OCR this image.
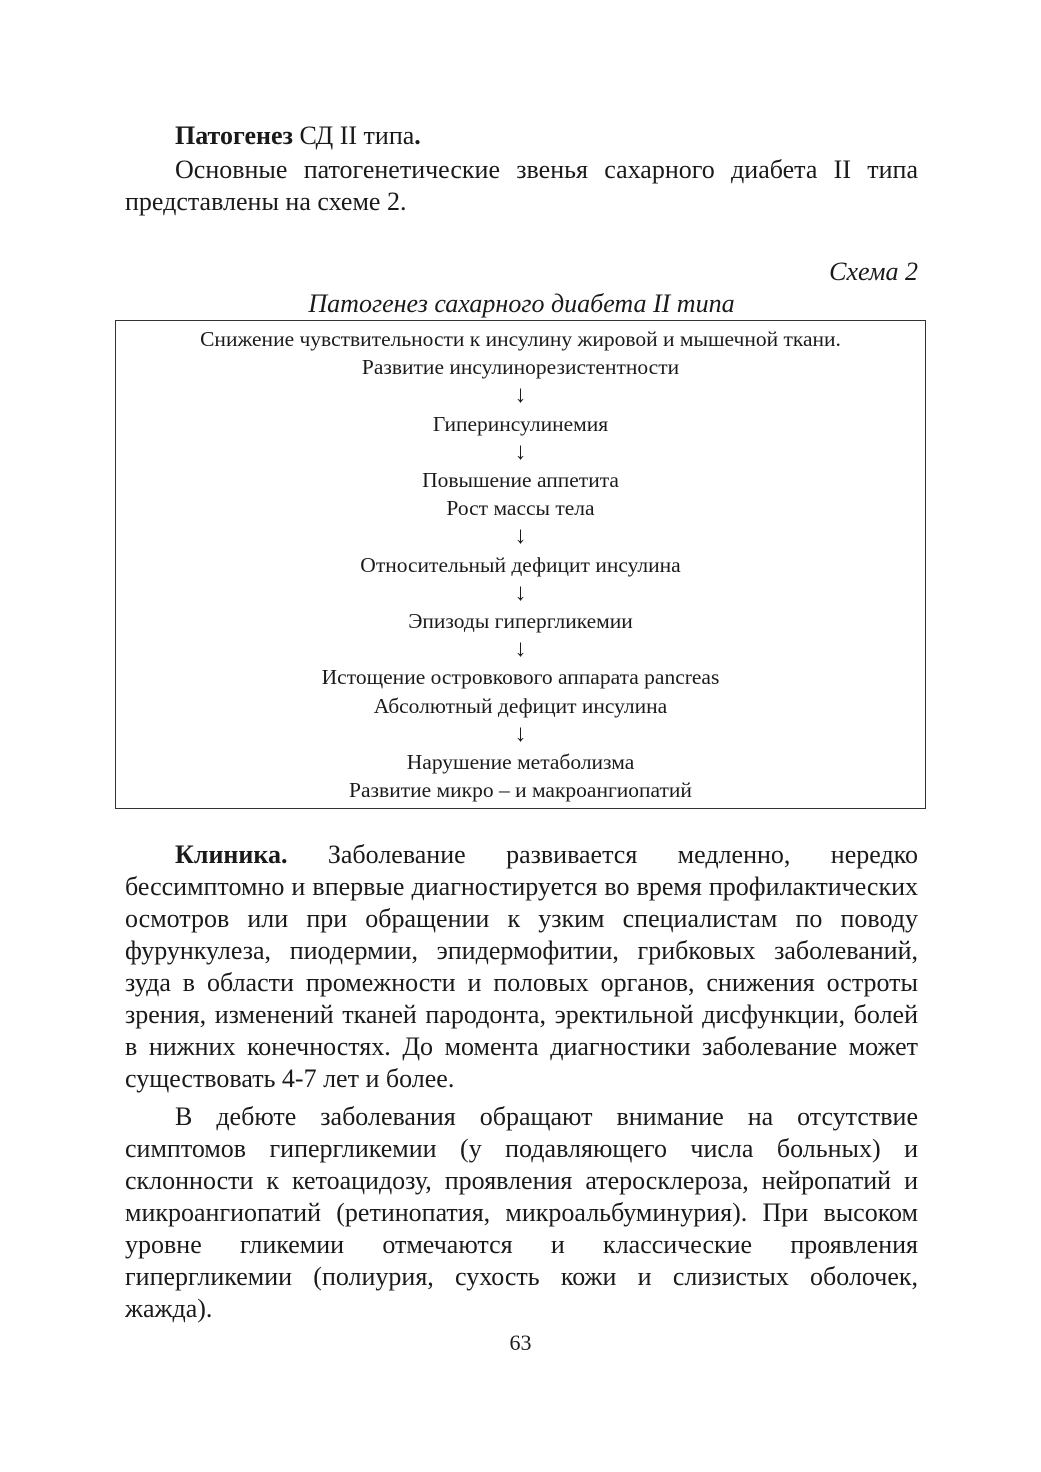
Патогенез СД II типа.

Основные патогенетические звенья сахарного диабета II типа представлены на схеме 2.

Схема 2

Патогенез сахарного диабета II типа

Снижение чувствительности к инсулину жировой и мышечной ткани.

Развитие инсулинорезистентности

↓

Гиперинсулинемия

↓

Повышение аппетита

Рост массы тела

↓

Относительный дефицит инсулина

↓

Эпизоды гипергликемии

↓

Истощение островкового аппарата pancreas

Абсолютный дефицит инсулина

↓

Нарушение метаболизма

Развитие микро – и макроангиопатий

Клиника. Заболевание развивается медленно, нередко бессимптомно и впервые диагностируется во время профилактических осмотров или при обращении к узким специалистам по поводу фурункулеза, пиодермии, эпидермофитии, грибковых заболеваний, зуда в области промежности и половых органов, снижения остроты зрения, изменений тканей пародонта, эректильной дисфункции, болей в нижних конечностях. До момента диагностики заболевание может существовать 4-7 лет и более.

В дебюте заболевания обращают внимание на отсутствие симптомов гипергликемии (у подавляющего числа больных) и склонности к кетоацидозу, проявления атеросклероза, нейропатий и микроангиопатий (ретинопатия, микроальбуминурия). При высоком уровне гликемии отмечаются и классические проявления гипергликемии (полиурия, сухость кожи и слизистых оболочек, жажда).

63
